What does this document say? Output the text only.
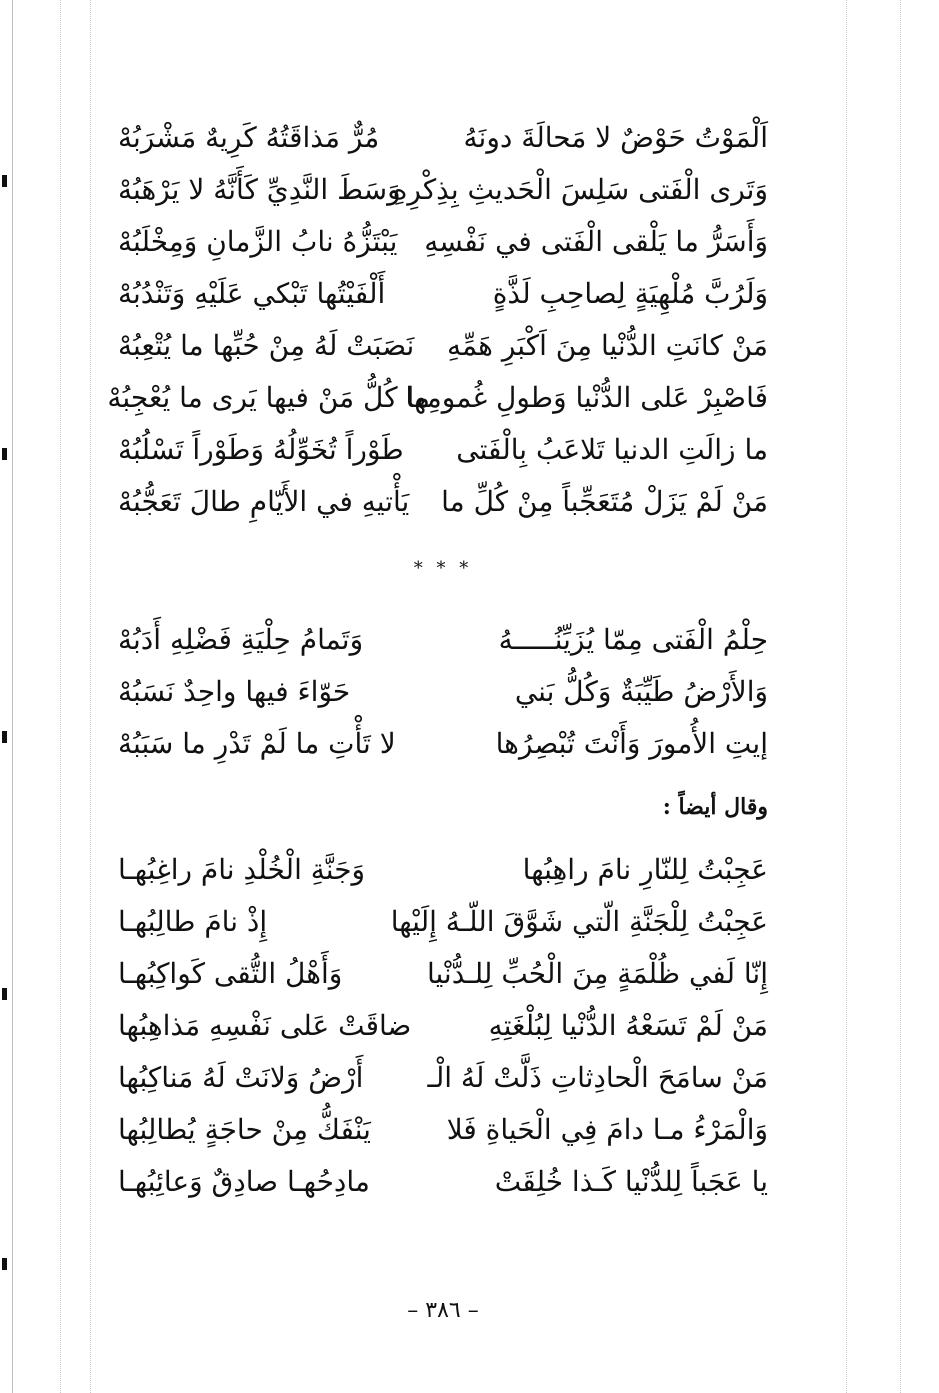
اَلْمَوْتُ حَوْضٌ لا مَحالَةَ دونَهُ
مُرٌّ مَذاقَتُهُ كَرِيهٌ مَشْرَبُهْ
وَتَرى الْفَتى سَلِسَ الْحَديثِ بِذِكْرِهِ
وَسَطَ النَّدِيِّ كَأَنَّهُ لا يَرْهَبُهْ
وَأَسَرُّ ما يَلْقى الْفَتى في نَفْسِهِ
يَبْتَزُّهُ نابُ الزَّمانِ وَمِخْلَبُهْ
وَلَرُبَّ مُلْهِيَةٍ لِصاحِبِ لَذَّةٍ
أَلْفَيْتُها تَبْكي عَلَيْهِ وَتَنْدُبُهْ
مَنْ كانَتِ الدُّنْيا مِنَ اَكْبَرِ هَمِّهِ
نَصَبَتْ لَهُ مِنْ حُبِّها ما يُتْعِبُهْ
فَاصْبِرْ عَلى الدُّنْيا وَطولِ غُمومِها
ما كُلُّ مَنْ فيها يَرى ما يُعْجِبُهْ
ما زالَتِ الدنيا تَلاعَبُ بِالْفَتى
طَوْراً تُخَوِّلُهُ وَطَوْراً تَسْلُبُهْ
مَنْ لَمْ يَزَلْ مُتَعَجِّباً مِنْ كُلِّ ما
يَأْتيهِ في الأَيّامِ طالَ تَعَجُّبُهْ
* * *
حِلْمُ الْفَتى مِمّا يُزَيِّنُـــــهُ
وَتَمامُ حِلْيَةِ فَضْلِهِ أَدَبُهْ
وَالأَرْضُ طَيِّبَةٌ وَكُلُّ بَني
حَوّاءَ فيها واحِدٌ نَسَبُهْ
إيتِ الأُمورَ وَأَنْتَ تُبْصِرُها
لا تَأْتِ ما لَمْ تَدْرِ ما سَبَبُهْ
وقال أيضاً :
عَجِبْتُ لِلنّارِ نامَ راهِبُها
وَجَنَّةِ الْخُلْدِ نامَ راغِبُهـا
عَجِبْتُ لِلْجَنَّةِ الّتي شَوَّقَ اللّـهُ إِلَيْها
إِذْ نامَ طالِبُهـا
إِنّا لَفي ظُلْمَةٍ مِنَ الْحُبِّ لِلـدُّنْيا
وَأَهْلُ التُّقى كَواكِبُهـا
مَنْ لَمْ تَسَعْهُ الدُّنْيا لِبُلْغَتِهِ
ضاقَتْ عَلى نَفْسِهِ مَذاهِبُها
مَنْ سامَحَ الْحادِثاتِ ذَلَّتْ لَهُ الْـ
أَرْضُ وَلانَتْ لَهُ مَناكِبُها
وَالْمَرْءُ مـا دامَ فِي الْحَياةِ فَلا
يَنْفَكُّ مِنْ حاجَةٍ يُطالِبُها
يا عَجَباً لِلدُّنْيا كَـذا خُلِقَتْ
مادِحُهـا صادِقٌ وَعائِبُهـا
– ٣٨٦ –
